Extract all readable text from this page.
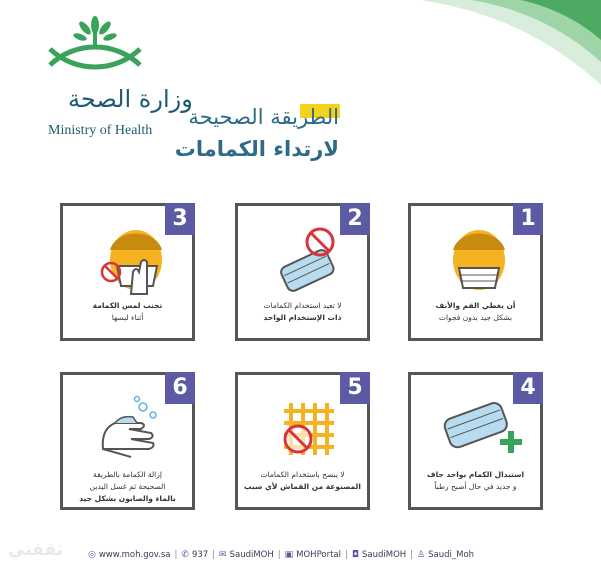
وزارة الصحة
Ministry of Health
الطريقة الصحيحة
لارتداء الكمامات
1
أن يغطي الفم والأنف
بشكل جيد بدون فجوات
2
لا تعيد استخدام الكمامات
ذات الإستخدام الواحد
3
تجنب لمس الكمامة
أثناء لبسها
4
استبدال الكمام بواحد جاف
و جديد في حال أصبح رطباً
5
لا ينصح باستخدام الكمامات
المصنوعة من القماش لأي سبب
6
إزالة الكمامة بالطريقة
الصحيحة ثم غسل اليدين
بالماء والصابون بشكل جيد
ثقفني	◎ www.moh.gov.sa | ✆ 937 | ✉ SaudiMOH | ▣ MOHPortal | ◘ SaudiMOH | ♙ Saudi_Moh
